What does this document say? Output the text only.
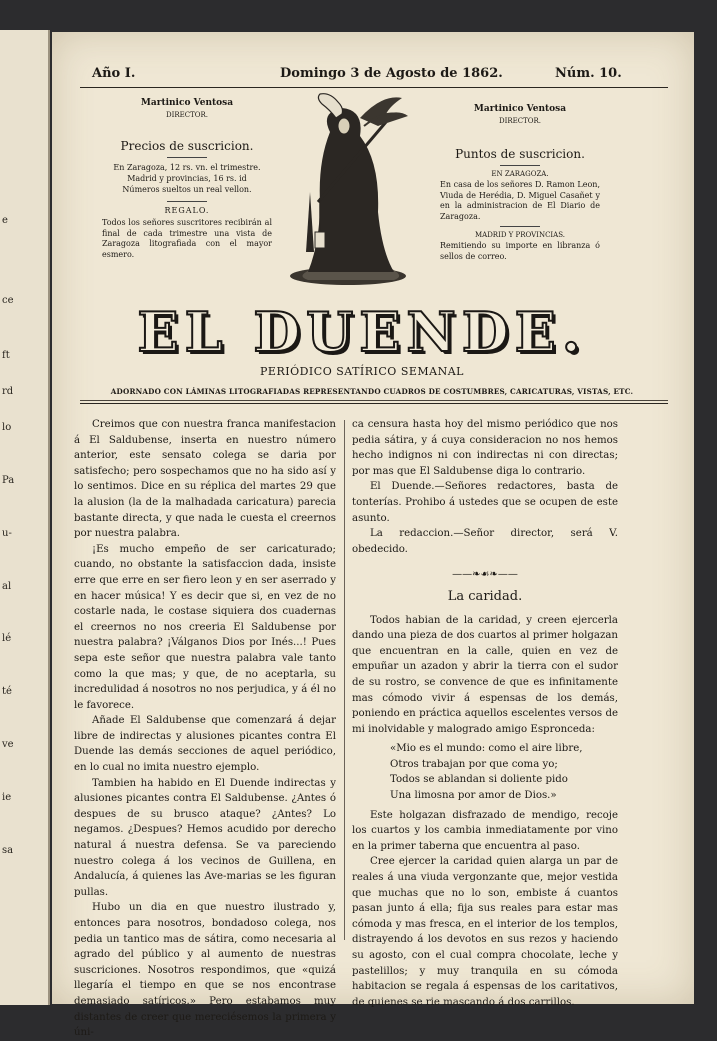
e
ce
ft
rd
lo
Pa
u-
al
lé
té
ve
ie
sa
Año I.	Domingo 3 de Agosto de 1862.	Núm. 10.
Martinico Ventosa
DIRECTOR.
Precios de suscricion.
En Zaragoza, 12 rs. vn. el trimestre.
Madrid y provincias, 16 rs. id
Números sueltos un real vellon.
REGALO.
Todos los señores suscritores recibirán al final de cada trimestre una vista de Zaragoza litografiada con el mayor esmero.
Martinico Ventosa
DIRECTOR.
Puntos de suscricion.
EN ZARAGOZA.
En casa de los señores D. Ramon Leon, Viuda de Herédia, D. Miguel Casañet y en la administracion de El Diario de Zaragoza.
MADRID Y PROVINCIAS.
Remitiendo su importe en libranza ó sellos de correo.
EL DUENDE.
PERIÓDICO SATÍRICO SEMANAL
ADORNADO CON LÁMINAS LITOGRAFIADAS REPRESENTANDO CUADROS DE COSTUMBRES, CARICATURAS, VISTAS, ETC.

Creimos que con nuestra franca manifestacion á El Saldubense, inserta en nuestro número anterior, este sensato colega se daria por satisfecho; pero sospechamos que no ha sido así y lo sentimos. Dice en su réplica del martes 29 que la alusion (la de la malhadada caricatura) parecia bastante directa, y que nada le cuesta el creernos por nuestra palabra.

¡Es mucho empeño de ser caricaturado; cuando, no obstante la satisfaccion dada, insiste erre que erre en ser fiero leon y en ser aserrado y en hacer música! Y es decir que si, en vez de no costarle nada, le costase siquiera dos cuadernas el creernos no nos creeria El Saldubense por nuestra palabra? ¡Válganos Dios por Inés...! Pues sepa este señor que nuestra palabra vale tanto como la que mas; y que, de no aceptarla, su incredulidad á nosotros no nos perjudica, y á él no le favorece.

Añade El Saldubense que comenzará á dejar libre de indirectas y alusiones picantes contra El Duende las demás secciones de aquel periódico, en lo cual no imita nuestro ejemplo.

Tambien ha habido en El Duende indirectas y alusiones picantes contra El Saldubense. ¿Antes ó despues de su brusco ataque? ¿Antes? Lo negamos. ¿Despues? Hemos acudido por derecho natural á nuestra defensa. Se va pareciendo nuestro colega á los vecinos de Guillena, en Andalucía, á quienes las Ave-marias se les figuran pullas.

Hubo un dia en que nuestro ilustrado y, entonces para nosotros, bondadoso colega, nos pedia un tantico mas de sátira, como necesaria al agrado del público y al aumento de nuestras suscriciones. Nosotros respondimos, que «quizá llegaría el tiempo en que se nos encontrase demasiado satíricos.» Pero estabamos muy distantes de creer que mereciésemos la primera y úni-

ca censura hasta hoy del mismo periódico que nos pedia sátira, y á cuya consideracion no nos hemos hecho indignos ni con indirectas ni con directas; por mas que El Saldubense diga lo contrario.

El Duende.—Señores redactores, basta de tonterías. Prohibo á ustedes que se ocupen de este asunto.

La redaccion.—Señor director, será V. obedecido.

——❧☙❧——
La caridad.

Todos habian de la caridad, y creen ejercerla dando una pieza de dos cuartos al primer holgazan que encuentran en la calle, quien en vez de empuñar un azadon y abrir la tierra con el sudor de su rostro, se convence de que es infinitamente mas cómodo vivir á espensas de los demás, poniendo en práctica aquellos escelentes versos de mi inolvidable y malogrado amigo Espronceda:

«Mio es el mundo: como el aire libre,

Otros trabajan por que coma yo;

Todos se ablandan si doliente pido

Una limosna por amor de Dios.»

Este holgazan disfrazado de mendigo, recoje los cuartos y los cambia inmediatamente por vino en la primer taberna que encuentra al paso.

Cree ejercer la caridad quien alarga un par de reales á una viuda vergonzante que, mejor vestida que muchas que no lo son, embiste á cuantos pasan junto á ella; fija sus reales para estar mas cómoda y mas fresca, en el interior de los templos, distrayendo á los devotos en sus rezos y haciendo su agosto, con el cual compra chocolate, leche y pastelillos; y muy tranquila en su cómoda habitacion se regala á espensas de los caritativos, de quienes se rie mascando á dos carrillos.
